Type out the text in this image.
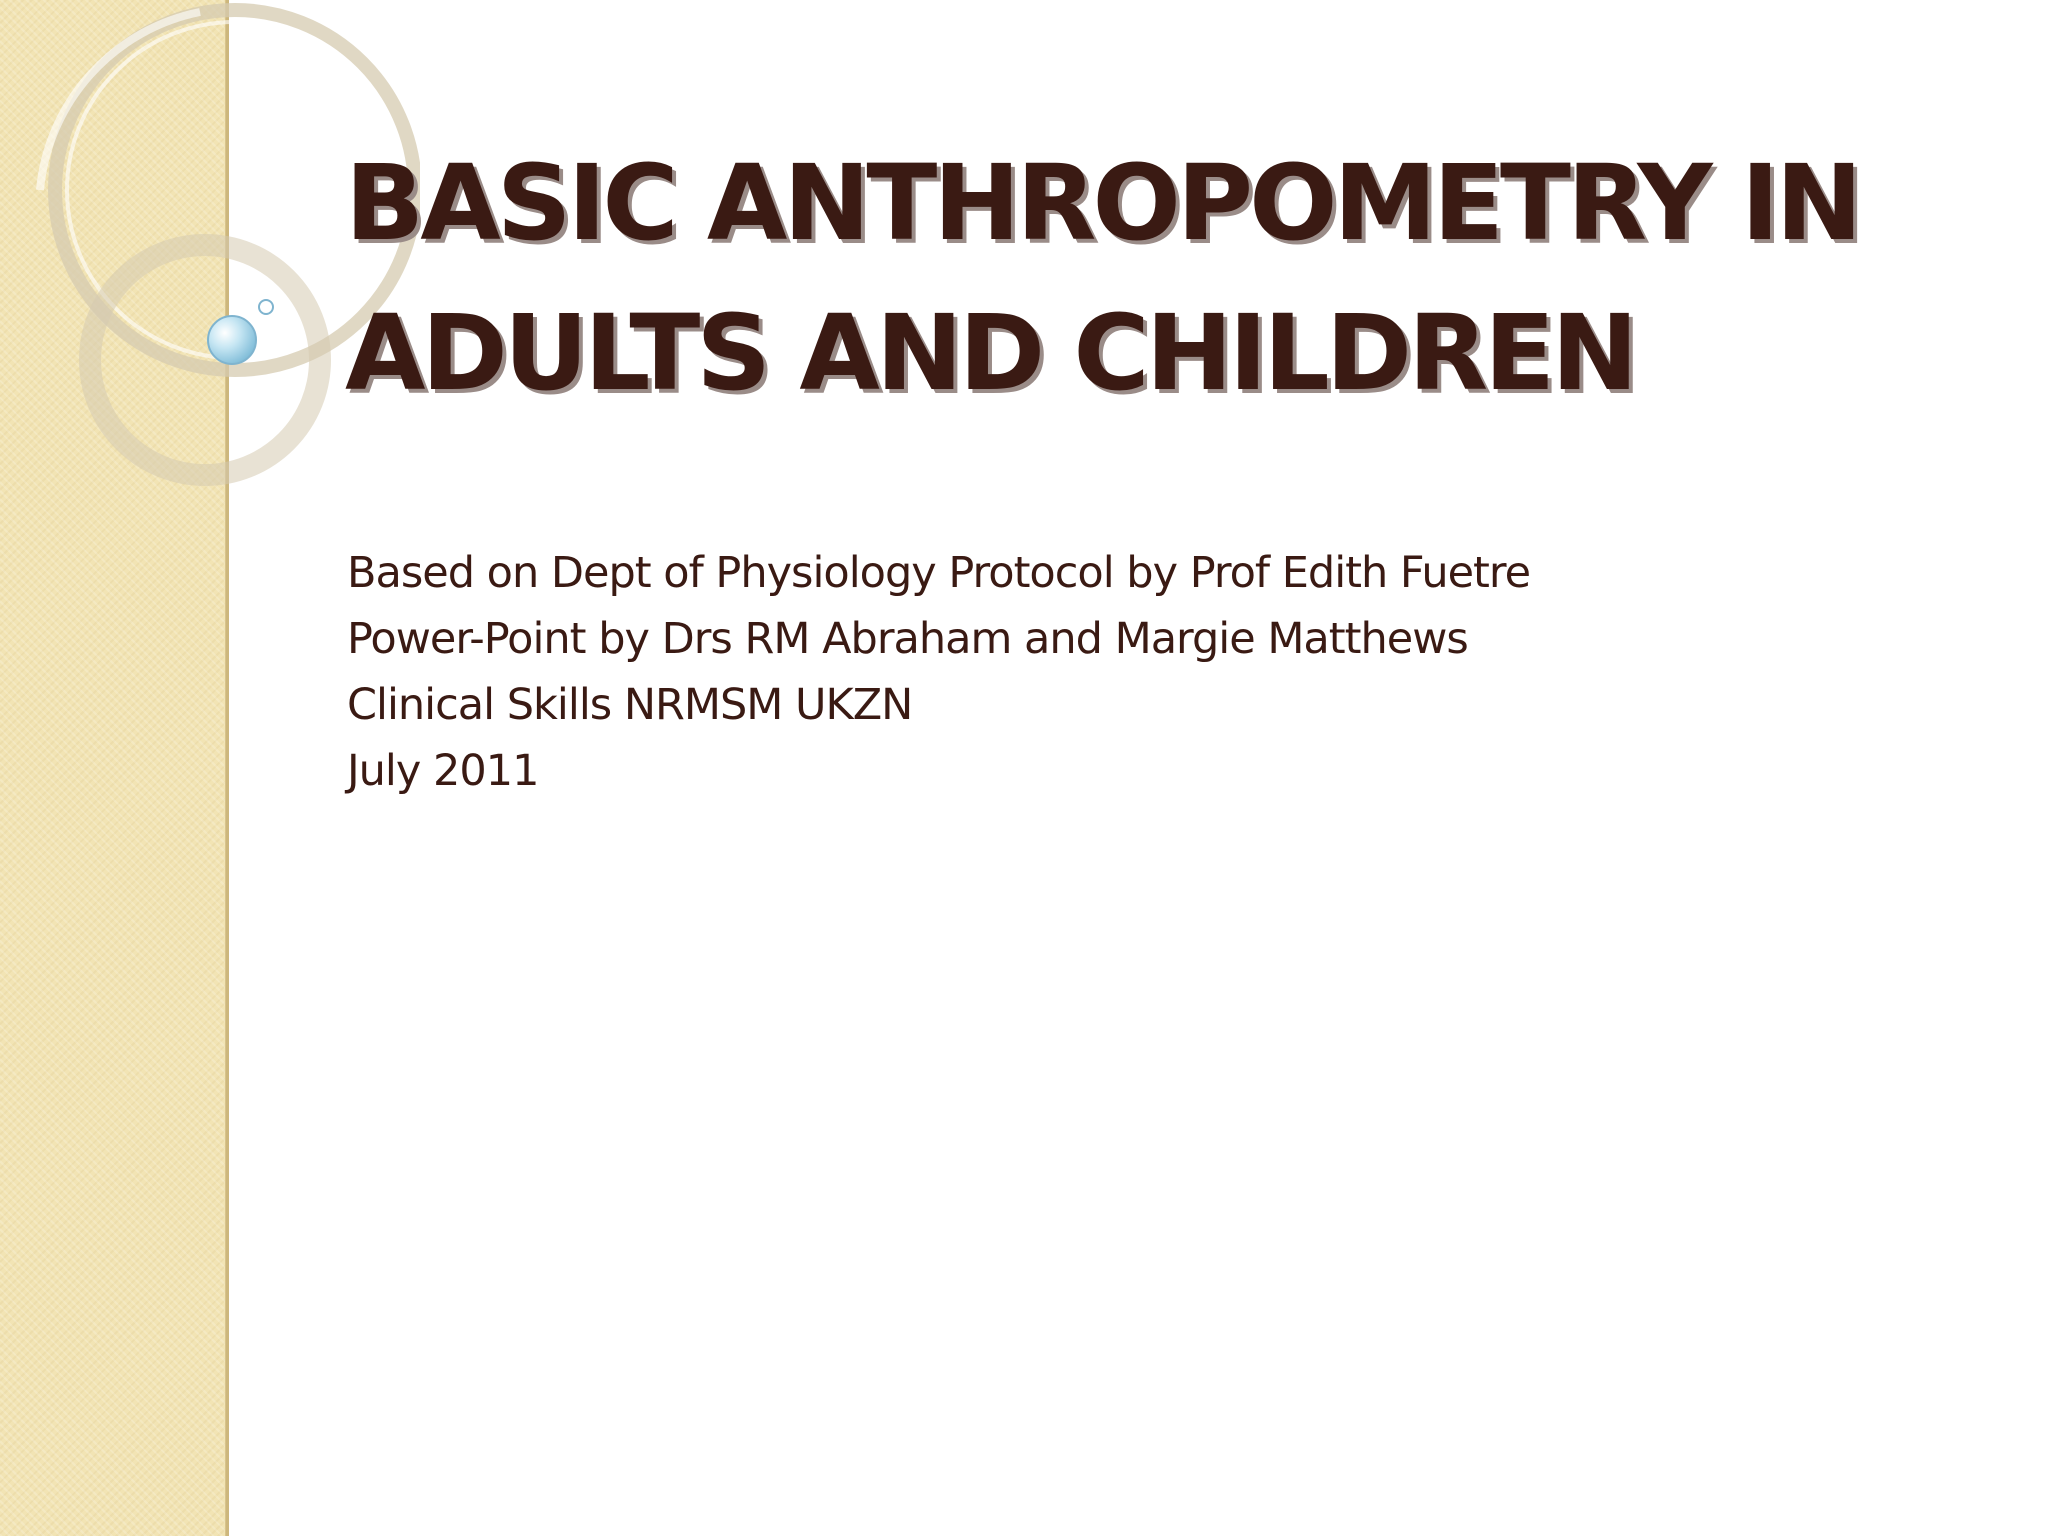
BASIC ANTHROPOMETRY IN
ADULTS AND CHILDREN
Based on Dept of Physiology Protocol by Prof Edith Fuetre
Power-Point by Drs RM Abraham and Margie Matthews
Clinical Skills NRMSM UKZN
July 2011
